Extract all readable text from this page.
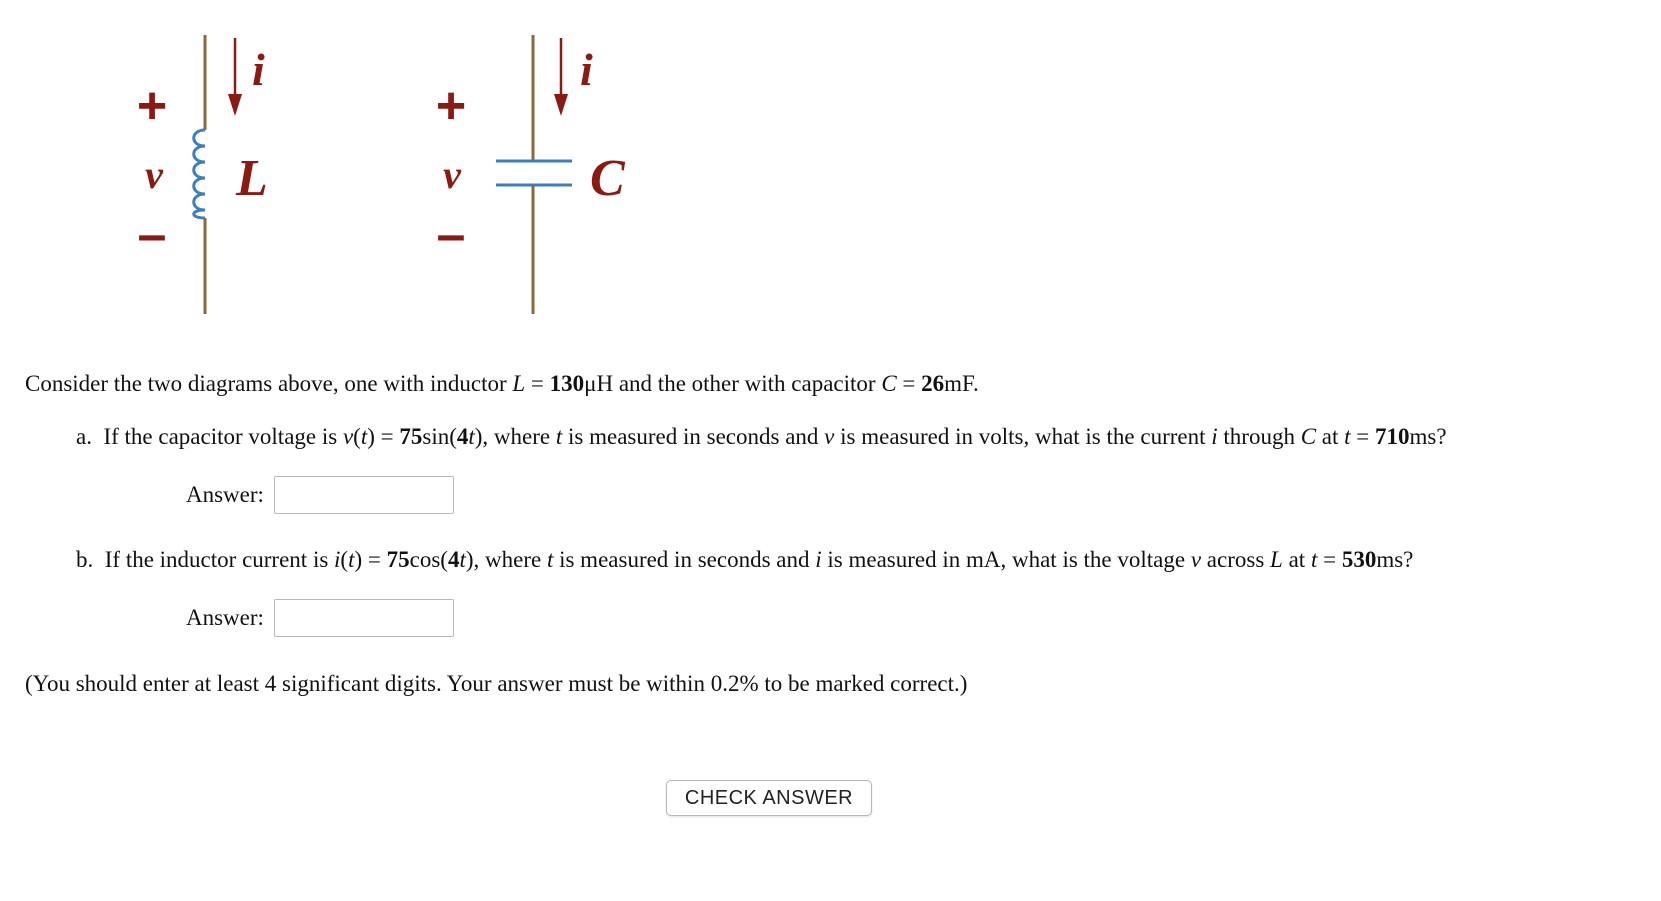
i
L
+
v
–
i
C
+
v
–
Consider the two diagrams above, one with inductor L = 130μH and the other with capacitor C = 26mF.
a. If the capacitor voltage is v(t) = 75sin(4t), where t is measured in seconds and v is measured in volts, what is the current i through C at t = 710ms?
Answer:
b. If the inductor current is i(t) = 75cos(4t), where t is measured in seconds and i is measured in mA, what is the voltage v across L at t = 530ms?
Answer:
(You should enter at least 4 significant digits. Your answer must be within 0.2% to be marked correct.)
CHECK ANSWER
